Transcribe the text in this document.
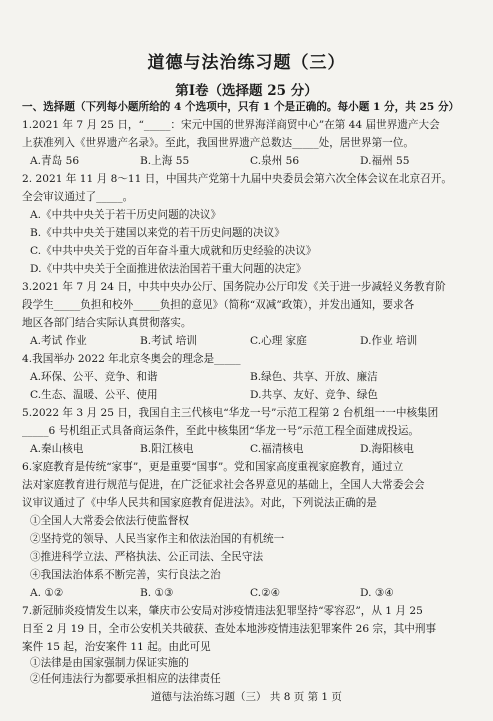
道德与法治练习题（三）
第Ⅰ卷（选择题 25 分）
一、选择题（下列每小题所给的 4 个选项中，只有 1 个是正确的。每小题 1 分，共 25 分）
1.2021 年 7 月 25 日，“_____：宋元中国的世界海洋商贸中心”在第 44 届世界遗产大会
上获准列入《世界遗产名录》。至此，我国世界遗产总数达_____处，居世界第一位。
A.青岛 56	B.上海 55	C.泉州 56	D.福州 55
2. 2021 年 11 月 8～11 日，中国共产党第十九届中央委员会第六次全体会议在北京召开。
全会审议通过了_____。
A.《中共中央关于若干历史问题的决议》
B.《中共中央关于建国以来党的若干历史问题的决议》
C.《中共中央关于党的百年奋斗重大成就和历史经验的决议》
D.《中共中央关于全面推进依法治国若干重大问题的决定》
3.2021 年 7 月 24 日，中共中央办公厅、国务院办公厅印发《关于进一步减轻义务教育阶
段学生_____负担和校外_____负担的意见》（简称“双减”政策），并发出通知，要求各
地区各部门结合实际认真贯彻落实。
A.考试 作业	B.考试 培训	C.心理 家庭	D.作业 培训
4.我国举办 2022 年北京冬奥会的理念是_____
A.环保、公平、竞争、和谐	B.绿色、共享、开放、廉洁
C.生态、温暖、公平、使用	D.共享、友好、竞争、绿色
5.2022 年 3 月 25 日，我国自主三代核电“华龙一号”示范工程第 2 台机组一一中核集团
_____6 号机组正式具备商运条件，至此中核集团“华龙一号”示范工程全面建成投运。
A.秦山核电	B.阳江核电	C.福清核电	D.海阳核电
6.家庭教育是传统“家事”，更是重要“国事”。党和国家高度重视家庭教育，通过立
法对家庭教育进行规范与促进，在广泛征求社会各界意见的基础上，全国人大常委会会
议审议通过了《中华人民共和国家庭教育促进法》。对此，下列说法正确的是
①全国人大常委会依法行使监督权
②坚持党的领导、人民当家作主和依法治国的有机统一
③推进科学立法、严格执法、公正司法、全民守法
④我国法治体系不断完善，实行良法之治
A. ①②	B. ①③	C.②④	D. ③④
7.新冠肺炎疫情发生以来，肇庆市公安局对涉疫情违法犯罪坚持“零容忍”，从 1 月 25
日至 2 月 19 日，全市公安机关共破获、查处本地涉疫情违法犯罪案件 26 宗，其中刑事
案件 15 起，治安案件 11 起。由此可见
①法律是由国家强制力保证实施的
②任何违法行为都要承担相应的法律责任
道德与法治练习题（三） 共 8 页 第 1 页
